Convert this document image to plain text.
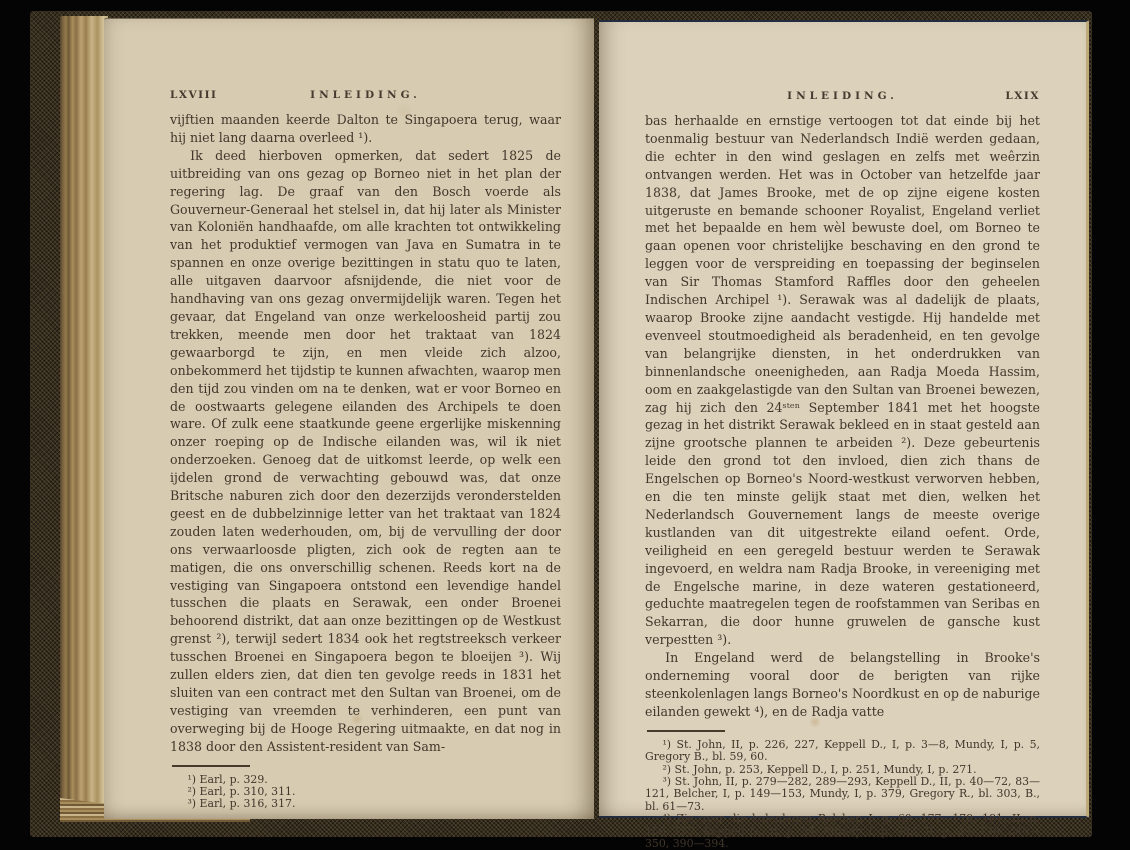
LXVIII	INLEIDING.

vijftien maanden keerde Dalton te Singapoera terug, waar hij niet lang daarna overleed ¹).

Ik deed hierboven opmerken, dat sedert 1825 de uitbreiding van ons gezag op Borneo niet in het plan der regering lag. De graaf van den Bosch voerde als Gouverneur-Generaal het stelsel in, dat hij later als Minister van Koloniën handhaafde, om alle krachten tot ontwikkeling van het produktief vermogen van Java en Sumatra in te spannen en onze overige bezittingen in statu quo te laten, alle uitgaven daarvoor afsnijdende, die niet voor de handhaving van ons gezag onvermijdelijk waren. Tegen het gevaar, dat Engeland van onze werkeloosheid partij zou trekken, meende men door het traktaat van 1824 gewaarborgd te zijn, en men vleide zich alzoo, onbekommerd het tijdstip te kunnen afwachten, waarop men den tijd zou vinden om na te denken, wat er voor Borneo en de oostwaarts gelegene eilanden des Archipels te doen ware. Of zulk eene staatkunde geene ergerlijke miskenning onzer roeping op de Indische eilanden was, wil ik niet onderzoeken. Genoeg dat de uitkomst leerde, op welk een ijdelen grond de verwachting gebouwd was, dat onze Britsche naburen zich door den dezerzijds veronderstelden geest en de dubbelzinnige letter van het traktaat van 1824 zouden laten wederhouden, om, bij de vervulling der door ons verwaarloosde pligten, zich ook de regten aan te matigen, die ons onverschillig schenen. Reeds kort na de vestiging van Singapoera ontstond een levendige handel tusschen die plaats en Serawak, een onder Broenei behoorend distrikt, dat aan onze bezittingen op de Westkust grenst ²), terwijl sedert 1834 ook het regtstreeksch verkeer tusschen Broenei en Singapoera begon te bloeijen ³). Wij zullen elders zien, dat dien ten gevolge reeds in 1831 het sluiten van een contract met den Sultan van Broenei, om de vestiging van vreemden te verhinderen, een punt van overweging bij de Hooge Regering uitmaakte, en dat nog in 1838 door den Assistent-resident van Sam-

¹) Earl, p. 329.

²) Earl, p. 310, 311.

³) Earl, p. 316, 317.

INLEIDING.	LXIX

bas herhaalde en ernstige vertoogen tot dat einde bij het toenmalig bestuur van Nederlandsch Indië werden gedaan, die echter in den wind geslagen en zelfs met weêrzin ontvangen werden. Het was in October van hetzelfde jaar 1838, dat James Brooke, met de op zijne eigene kosten uitgeruste en bemande schooner Royalist, Engeland verliet met het bepaalde en hem wèl bewuste doel, om Borneo te gaan openen voor christelijke beschaving en den grond te leggen voor de verspreiding en toepassing der beginselen van Sir Thomas Stamford Raffles door den geheelen Indischen Archipel ¹). Serawak was al dadelijk de plaats, waarop Brooke zijne aandacht vestigde. Hij handelde met evenveel stoutmoedigheid als beradenheid, en ten gevolge van belangrijke diensten, in het onderdrukken van binnenlandsche oneenigheden, aan Radja Moeda Hassim, oom en zaakgelastigde van den Sultan van Broenei bewezen, zag hij zich den 24ˢᵗᵉⁿ September 1841 met het hoogste gezag in het distrikt Serawak bekleed en in staat gesteld aan zijne grootsche plannen te arbeiden ²). Deze gebeurtenis leide den grond tot den invloed, dien zich thans de Engelschen op Borneo's Noord-westkust verworven hebben, en die ten minste gelijk staat met dien, welken het Nederlandsch Gouvernement langs de meeste overige kustlanden van dit uitgestrekte eiland oefent. Orde, veiligheid en een geregeld bestuur werden te Serawak ingevoerd, en weldra nam Radja Brooke, in vereeniging met de Engelsche marine, in deze wateren gestationeerd, geduchte maatregelen tegen de roofstammen van Seribas en Sekarran, die door hunne gruwelen de gansche kust verpestten ³).

In Engeland werd de belangstelling in Brooke's onderneming vooral door de berigten van rijke steenkolenlagen langs Borneo's Noordkust en op de naburige eilanden gewekt ⁴), en de Radja vatte

¹) St. John, II, p. 226, 227, Keppell D., I, p. 3—8, Mundy, I, p. 5, Gregory B., bl. 59, 60.

²) St. John, p. 253, Keppell D., I, p. 251, Mundy, I, p. 271.

³) St. John, II, p. 279—282, 289—293, Keppell D., II, p. 40—72, 83—121, Belcher, I, p. 149—153, Mundy, I, p. 379, Gregory R., bl. 303, B., bl. 61—73.

⁴) Zie over die kolenlagen Belcher, I, p. 60, 177—179, 181, II, p. 156, 157, Keppell D., II, p. 84, Mundy, I, p. 383, II, p. 23, 176, 346—350, 390—394.
